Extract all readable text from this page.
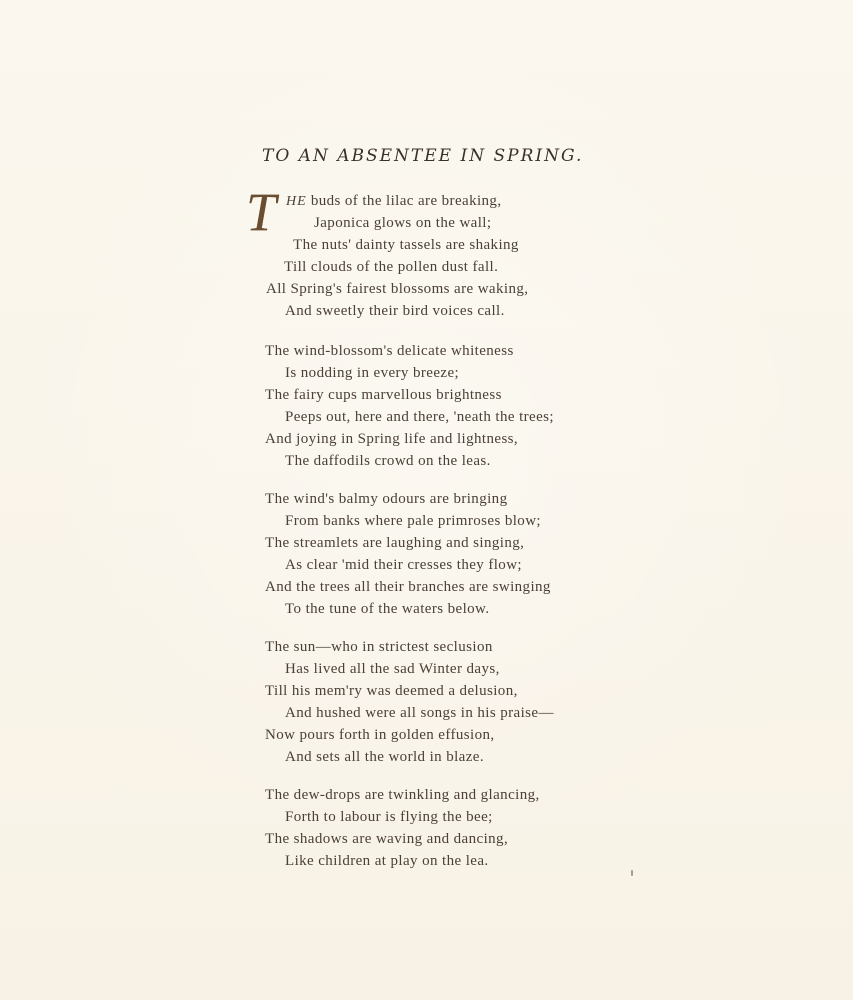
TO AN ABSENTEE IN SPRING.
T HE buds of the lilac are breaking,
Japonica glows on the wall;
The nuts' dainty tassels are shaking
Till clouds of the pollen dust fall.
All Spring's fairest blossoms are waking,
And sweetly their bird voices call.
The wind-blossom's delicate whiteness
Is nodding in every breeze;
The fairy cups marvellous brightness
Peeps out, here and there, 'neath the trees;
And joying in Spring life and lightness,
The daffodils crowd on the leas.
The wind's balmy odours are bringing
From banks where pale primroses blow;
The streamlets are laughing and singing,
As clear 'mid their cresses they flow;
And the trees all their branches are swinging
To the tune of the waters below.
The sun—who in strictest seclusion
Has lived all the sad Winter days,
Till his mem'ry was deemed a delusion,
And hushed were all songs in his praise—
Now pours forth in golden effusion,
And sets all the world in blaze.
The dew-drops are twinkling and glancing,
Forth to labour is flying the bee;
The shadows are waving and dancing,
Like children at play on the lea.
